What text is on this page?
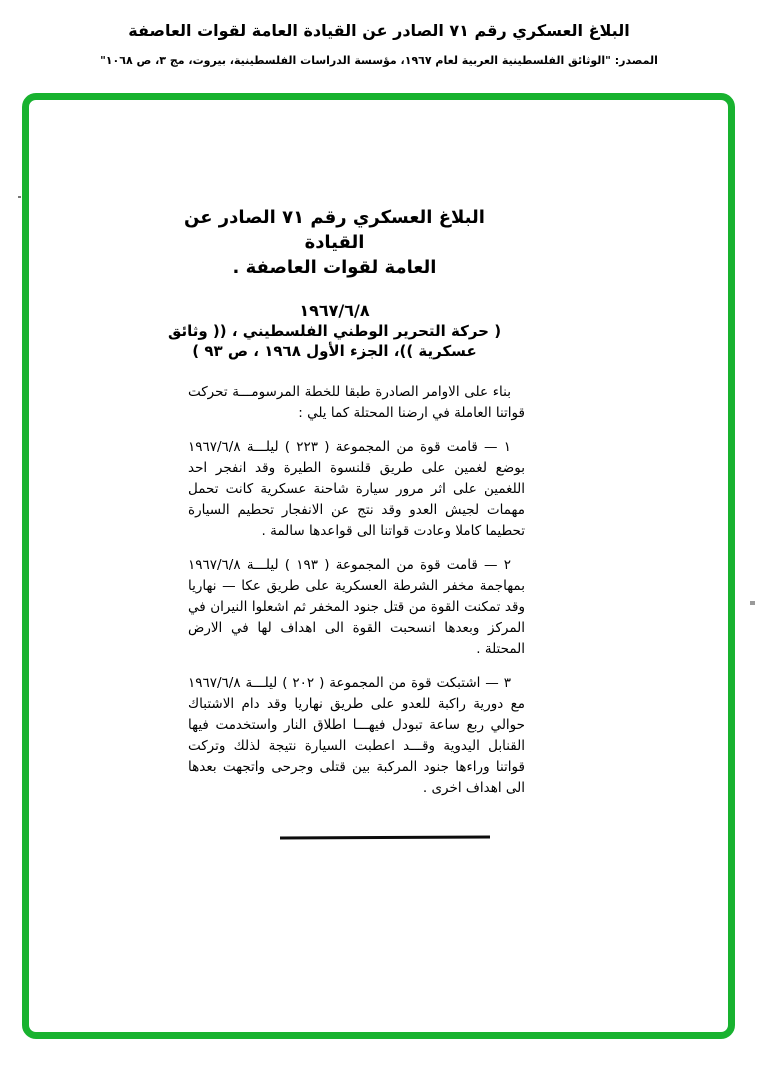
البلاغ العسكري رقم ٧١ الصادر عن القيادة العامة لقوات العاصفة
المصدر: "الوثائق الفلسطينية العربية لعام ١٩٦٧، مؤسسة الدراسات الفلسطينية، بيروت، مج ٣، ص ١٠٦٨"
البلاغ العسكري رقم ٧١ الصادر عن القيادة
العامة لقوات العاصفة .
١٩٦٧/٦/٨
( حركة التحرير الوطني الفلسطيني ، (( وثائق
عسكرية ))، الجزء الأول ١٩٦٨ ، ص ٩٣ )

بناء على الاوامر الصادرة طبقا للخطة المرسومـــة تحركت قواتنا العاملة في ارضنا المحتلة كما يلي :

١ — قامت قوة من المجموعة ( ٢٢٣ ) ليلـــة ١٩٦٧/٦/٨ بوضع لغمين على طريق قلنسوة الطيرة وقد انفجر احد اللغمين على اثر مرور سيارة شاحنة عسكرية كانت تحمل مهمات لجيش العدو وقد نتج عن الانفجار تحطيم السيارة تحطيما كاملا وعادت قواتنا الى قواعدها سالمة .

٢ — قامت قوة من المجموعة ( ١٩٣ ) ليلـــة ١٩٦٧/٦/٨ بمهاجمة مخفر الشرطة العسكرية على طريق عكا — نهاريا وقد تمكنت القوة من قتل جنود المخفر ثم اشعلوا النيران في المركز وبعدها انسحبت القوة الى اهداف لها في الارض المحتلة .

٣ — اشتبكت قوة من المجموعة ( ٢٠٢ ) ليلـــة ١٩٦٧/٦/٨ مع دورية راكبة للعدو على طريق نهاريا وقد دام الاشتباك حوالي ربع ساعة تبودل فيهـــا اطلاق النار واستخدمت فيها القنابل اليدوية وقـــد اعطبت السيارة نتيجة لذلك وتركت قواتنا وراءها جنود المركبة بين قتلى وجرحى واتجهت بعدها الى اهداف اخرى .
